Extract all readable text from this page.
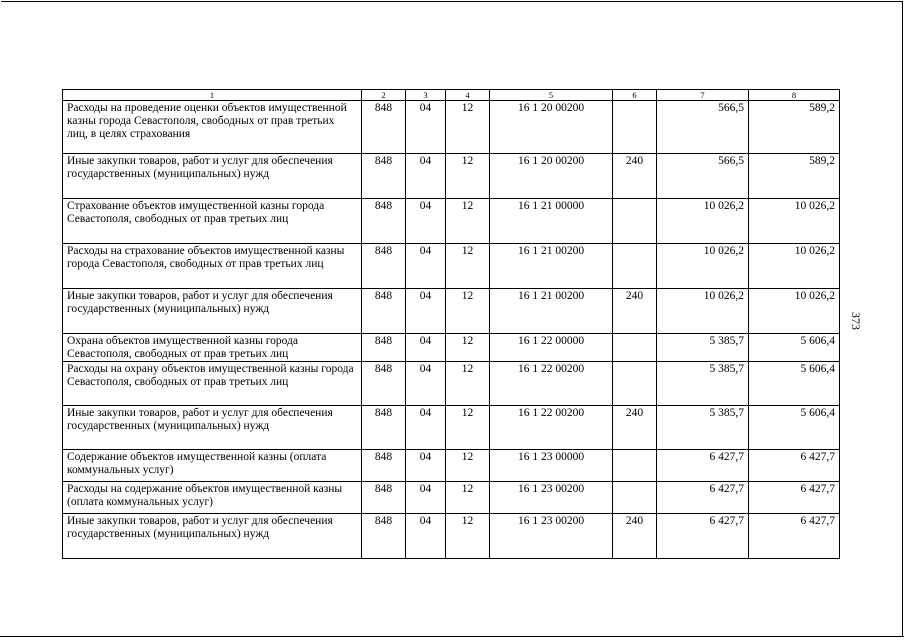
373
1	2	3	4	5	6	7	8
Расходы на проведение оценки объектов имущественной казны города Севастополя, свободных от прав третьих лиц, в целях страхования	848	04	12	16 1 20 00200		566,5	589,2
Иные закупки товаров, работ и услуг для обеспечения государственных (муниципальных) нужд	848	04	12	16 1 20 00200	240	566,5	589,2
Страхование объектов имущественной казны города Севастополя, свободных от прав третьих лиц	848	04	12	16 1 21 00000		10 026,2	10 026,2
Расходы на страхование объектов имущественной казны города Севастополя, свободных от прав третьих лиц	848	04	12	16 1 21 00200		10 026,2	10 026,2
Иные закупки товаров, работ и услуг для обеспечения государственных (муниципальных) нужд	848	04	12	16 1 21 00200	240	10 026,2	10 026,2
Охрана объектов имущественной казны города Севастополя, свободных от прав третьих лиц	848	04	12	16 1 22 00000		5 385,7	5 606,4
Расходы на охрану объектов имущественной казны города Севастополя, свободных от прав третьих лиц	848	04	12	16 1 22 00200		5 385,7	5 606,4
Иные закупки товаров, работ и услуг для обеспечения государственных (муниципальных) нужд	848	04	12	16 1 22 00200	240	5 385,7	5 606,4
Содержание объектов имущественной казны (оплата коммунальных услуг)	848	04	12	16 1 23 00000		6 427,7	6 427,7
Расходы на содержание объектов имущественной казны (оплата коммунальных услуг)	848	04	12	16 1 23 00200		6 427,7	6 427,7
Иные закупки товаров, работ и услуг для обеспечения государственных (муниципальных) нужд	848	04	12	16 1 23 00200	240	6 427,7	6 427,7
